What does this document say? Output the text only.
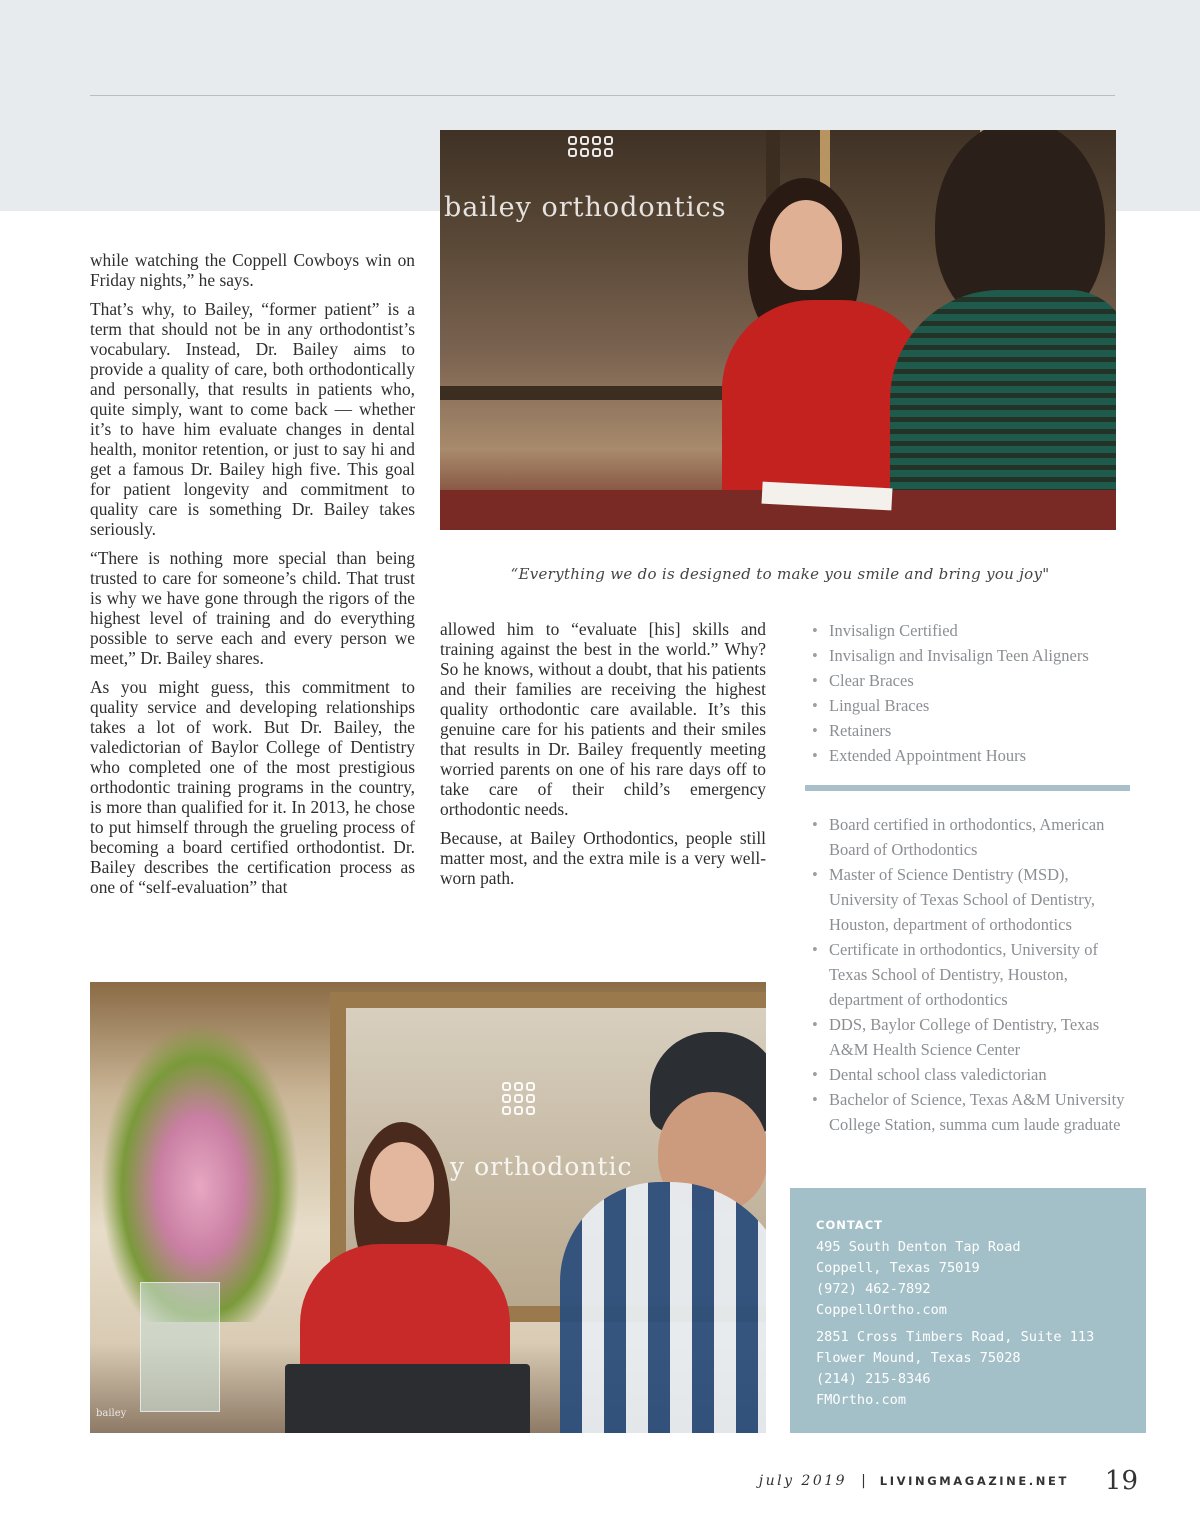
bailey orthodontics
“Everything we do is designed to make you smile and bring you joy"

while watching the Coppell Cowboys win on Friday nights,” he says.

That’s why, to Bailey, “former patient” is a term that should not be in any orthodontist’s vocabulary. Instead, Dr. Bailey aims to provide a quality of care, both orthodontically and personally, that results in patients who, quite simply, want to come back — whether it’s to have him evaluate changes in dental health, monitor retention, or just to say hi and get a famous Dr. Bailey high five. This goal for patient longevity and commitment to quality care is something Dr. Bailey takes seriously.

“There is nothing more special than being trusted to care for someone’s child. That trust is why we have gone through the rigors of the highest level of training and do everything possible to serve each and every person we meet,” Dr. Bailey shares.

As you might guess, this commitment to quality service and developing relationships takes a lot of work. But Dr. Bailey, the valedictorian of Baylor College of Dentistry who completed one of the most prestigious orthodontic training programs in the country, is more than qualified for it. In 2013, he chose to put himself through the grueling process of becoming a board certified orthodontist. Dr. Bailey describes the certification process as one of “self-evaluation” that

allowed him to “evaluate [his] skills and training against the best in the world.” Why? So he knows, without a doubt, that his patients and their families are receiving the highest quality orthodontic care available. It’s this genuine care for his patients and their smiles that results in Dr. Bailey frequently meeting worried parents on one of his rare days off to take care of their child’s emergency orthodontic needs.

Because, at Bailey Orthodontics, people still matter most, and the extra mile is a very well-worn path.

• Invisalign Certified
• Invisalign and Invisalign Teen Aligners
• Clear Braces
• Lingual Braces
• Retainers
• Extended Appointment Hours
• Board certified in orthodontics, American Board of Orthodontics
• Master of Science Dentistry (MSD), University of Texas School of Dentistry, Houston, department of orthodontics
• Certificate in orthodontics, University of Texas School of Dentistry, Houston, department of orthodontics
• DDS, Baylor College of Dentistry, Texas A&M Health Science Center
• Dental school class valedictorian
• Bachelor of Science, Texas A&M University College Station, summa cum laude graduate
y orthodontic
bailey
CONTACT
495 South Denton Tap Road
Coppell, Texas 75019
(972) 462-7892
CoppellOrtho.com
2851 Cross Timbers Road, Suite 113
Flower Mound, Texas 75028
(214) 215-8346
FMOrtho.com
july 2019 | LIVINGMAGAZINE.NET 19
